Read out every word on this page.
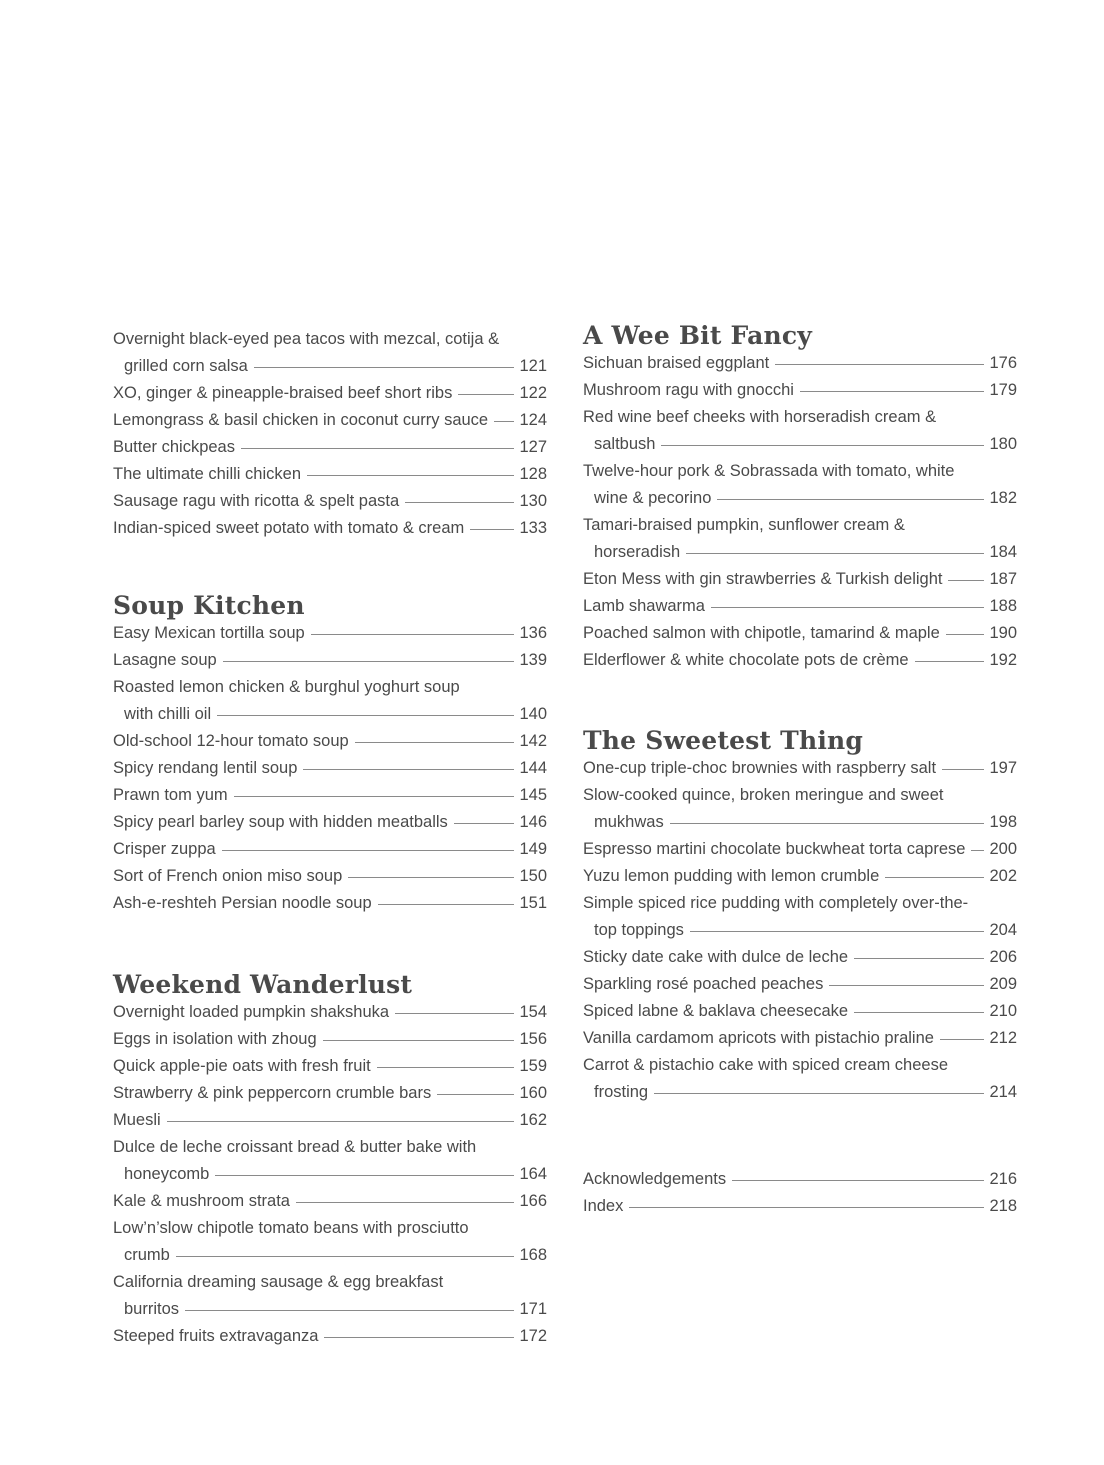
Overnight black-eyed pea tacos with mezcal, cotija &
grilled corn salsa	121
XO, ginger & pineapple-braised beef short ribs	122
Lemongrass & basil chicken in coconut curry sauce 124
Butter chickpeas	127
The ultimate chilli chicken	128
Sausage ragu with ricotta & spelt pasta	130
Indian-spiced sweet potato with tomato & cream	133
Soup Kitchen
Easy Mexican tortilla soup	136
Lasagne soup	139
Roasted lemon chicken & burghul yoghurt soup
with chilli oil	140
Old-school 12-hour tomato soup	142
Spicy rendang lentil soup	144
Prawn tom yum	145
Spicy pearl barley soup with hidden meatballs	146
Crisper zuppa	149
Sort of French onion miso soup	150
Ash-e-reshteh Persian noodle soup	151
Weekend Wanderlust
Overnight loaded pumpkin shakshuka	154
Eggs in isolation with zhoug	156
Quick apple-pie oats with fresh fruit	159
Strawberry & pink peppercorn crumble bars	160
Muesli	162
Dulce de leche croissant bread & butter bake with
honeycomb	164
Kale & mushroom strata	166
Low’n’slow chipotle tomato beans with prosciutto
crumb	168
California dreaming sausage & egg breakfast
burritos	171
Steeped fruits extravaganza	172
A Wee Bit Fancy
Sichuan braised eggplant	176
Mushroom ragu with gnocchi	179
Red wine beef cheeks with horseradish cream &
saltbush	180
Twelve-hour pork & Sobrassada with tomato, white
wine & pecorino	182
Tamari-braised pumpkin, sunflower cream &
horseradish	184
Eton Mess with gin strawberries & Turkish delight	187
Lamb shawarma	188
Poached salmon with chipotle, tamarind & maple	190
Elderflower & white chocolate pots de crème	192
The Sweetest Thing
One-cup triple-choc brownies with raspberry salt	197
Slow-cooked quince, broken meringue and sweet
mukhwas	198
Espresso martini chocolate buckwheat torta caprese 200
Yuzu lemon pudding with lemon crumble	202
Simple spiced rice pudding with completely over-the-
top toppings	204
Sticky date cake with dulce de leche	206
Sparkling rosé poached peaches	209
Spiced labne & baklava cheesecake	210
Vanilla cardamom apricots with pistachio praline	212
Carrot & pistachio cake with spiced cream cheese
frosting	214
Acknowledgements	216
Index	218
